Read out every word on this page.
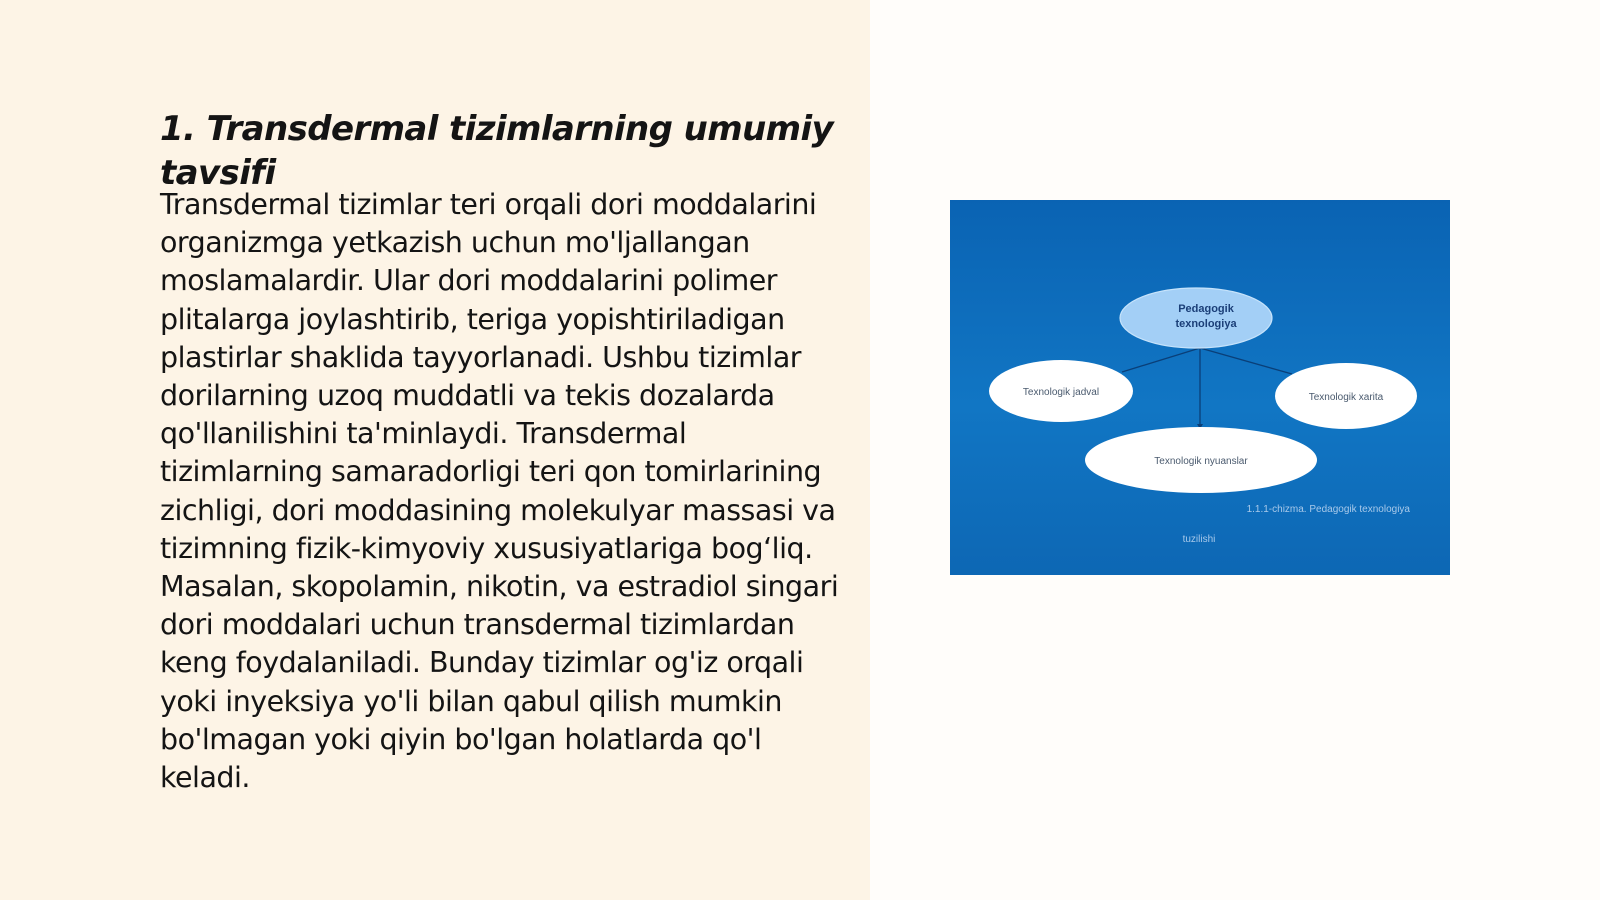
1. Transdermal tizimlarning umumiy tavsifi

Transdermal tizimlar teri orqali dori moddalarini organizmga yetkazish uchun mo'ljallangan moslamalardir. Ular dori moddalarini polimer plitalarga joylashtirib, teriga yopishtiriladigan plastirlar shaklida tayyorlanadi. Ushbu tizimlar dorilarning uzoq muddatli va tekis dozalarda qo'llanilishini ta'minlaydi. Transdermal tizimlarning samaradorligi teri qon tomirlarining zichligi, dori moddasining molekulyar massasi va tizimning fizik-kimyoviy xususiyatlariga bog‘liq. Masalan, skopolamin, nikotin, va estradiol singari dori moddalari uchun transdermal tizimlardan keng foydalaniladi. Bunday tizimlar og'iz orqali yoki inyeksiya yo'li bilan qabul qilish mumkin bo'lmagan yoki qiyin bo'lgan holatlarda qo'l keladi.

Pedagogik
texnologiya
Texnologik jadval	Texnologik xarita
Texnologik nyuanslar
1.1.1-chizma. Pedagogik texnologiya
tuzilishi
